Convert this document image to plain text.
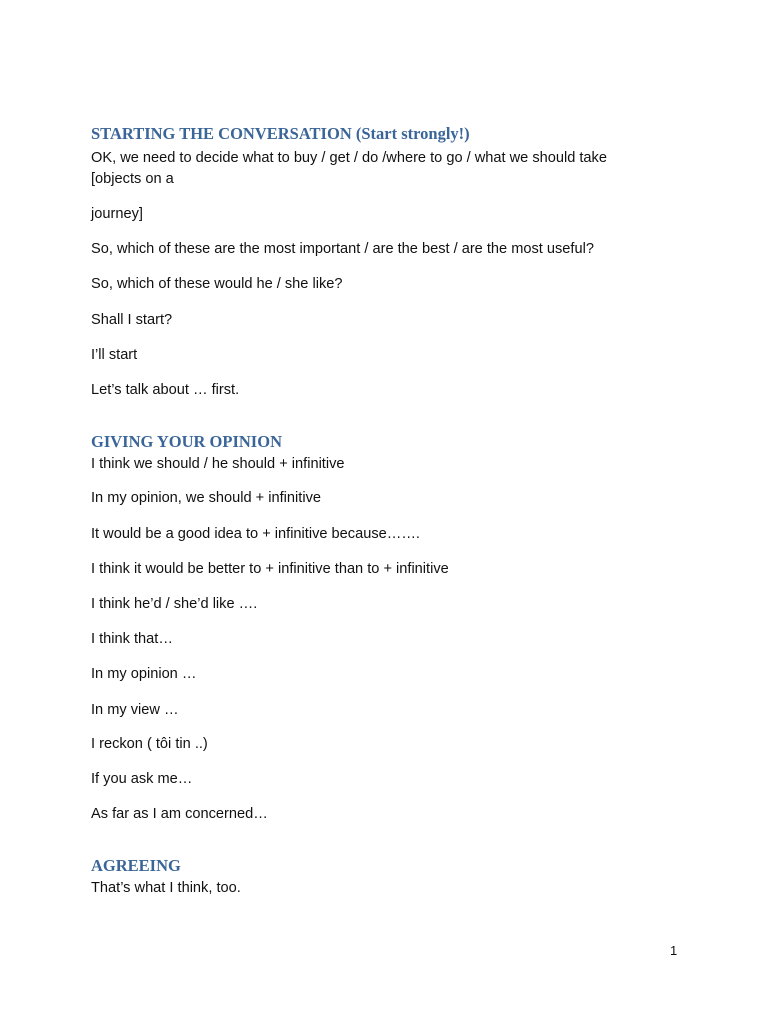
STARTING THE CONVERSATION (Start strongly!)

OK, we need to decide what to buy / get / do /where to go / what we should take

[objects on a

journey]

So, which of these are the most important / are the best / are the most useful?

So, which of these would he / she like?

Shall I start?

I’ll start

Let’s talk about … first.

GIVING YOUR OPINION

I think we should / he should + infinitive

In my opinion, we should + infinitive

It would be a good idea to + infinitive because…….

I think it would be better to + infinitive than to + infinitive

I think he’d / she’d like ….

I think that…

In my opinion …

In my view …

I reckon ( tôi tin ..)

If you ask me…

As far as I am concerned…

AGREEING

That’s what I think, too.

1
